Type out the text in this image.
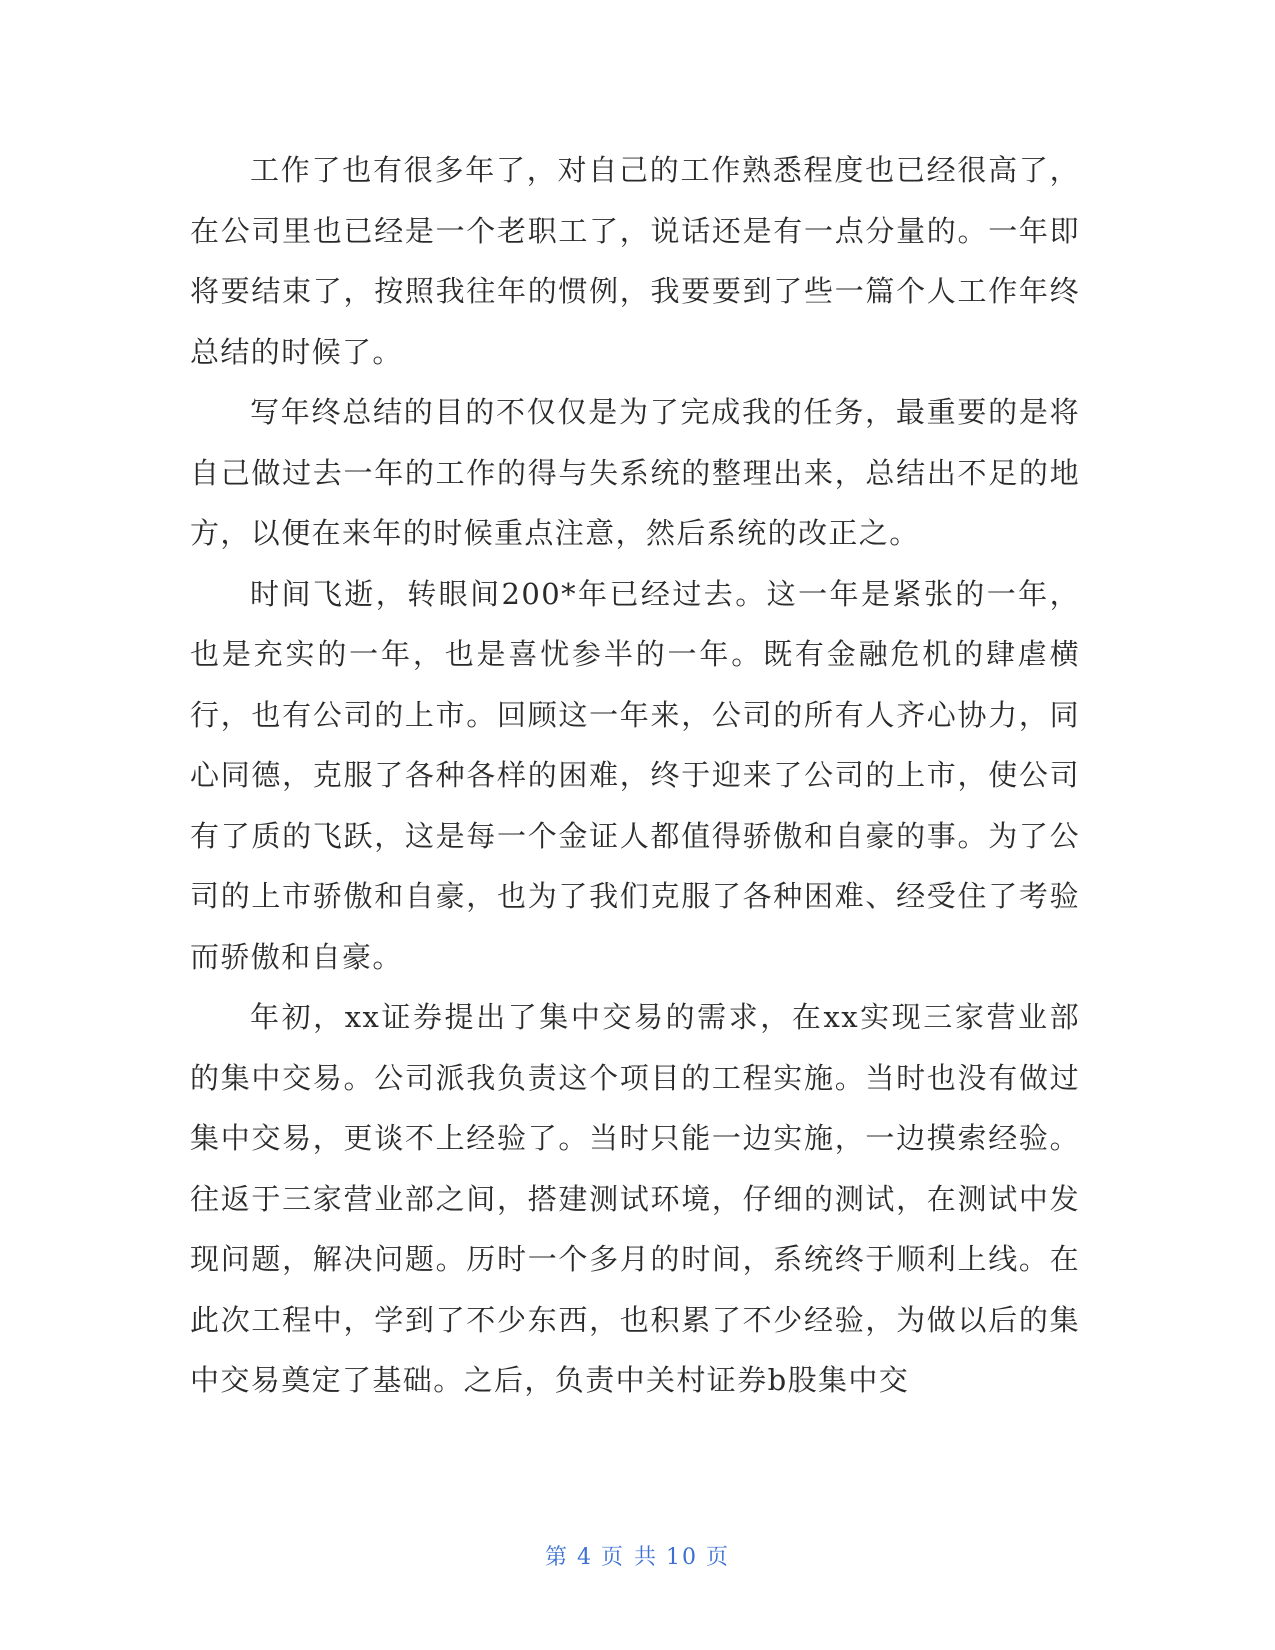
工作了也有很多年了，对自己的工作熟悉程度也已经很高了，在公司里也已经是一个老职工了，说话还是有一点分量的。一年即将要结束了，按照我往年的惯例，我要要到了些一篇个人工作年终总结的时候了。

写年终总结的目的不仅仅是为了完成我的任务，最重要的是将自己做过去一年的工作的得与失系统的整理出来，总结出不足的地方，以便在来年的时候重点注意，然后系统的改正之。

时间飞逝，转眼间200*年已经过去。这一年是紧张的一年，也是充实的一年，也是喜忧参半的一年。既有金融危机的肆虐横行，也有公司的上市。回顾这一年来，公司的所有人齐心协力，同心同德，克服了各种各样的困难，终于迎来了公司的上市，使公司有了质的飞跃，这是每一个金证人都值得骄傲和自豪的事。为了公司的上市骄傲和自豪，也为了我们克服了各种困难、经受住了考验而骄傲和自豪。

年初，xx证券提出了集中交易的需求，在xx实现三家营业部的集中交易。公司派我负责这个项目的工程实施。当时也没有做过集中交易，更谈不上经验了。当时只能一边实施，一边摸索经验。往返于三家营业部之间，搭建测试环境，仔细的测试，在测试中发现问题，解决问题。历时一个多月的时间，系统终于顺利上线。在此次工程中，学到了不少东西，也积累了不少经验，为做以后的集中交易奠定了基础。之后，负责中关村证券b股集中交

第 4 页 共 10 页
